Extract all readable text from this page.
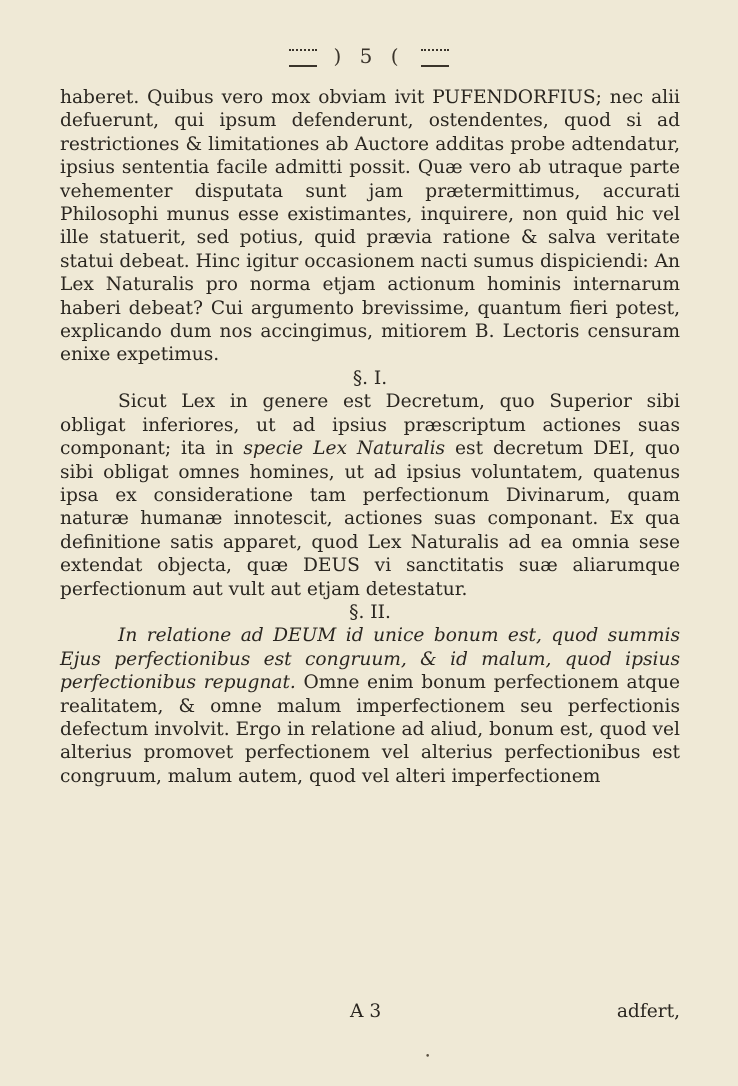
) 5 (

haberet. Quibus vero mox obviam ivit PUFENDORFIUS; nec alii defuerunt, qui ipsum defenderunt, ostendentes, quod si ad restrictiones & limitationes ab Auctore additas probe adtendatur, ipsius sententia facile admitti possit. Quæ vero ab utraque parte vehementer disputata sunt jam prætermittimus, accurati Philosophi munus esse existimantes, inquirere, non quid hic vel ille statuerit, sed potius, quid prævia ratione & salva veritate statui debeat. Hinc igitur occasionem nacti sumus dispiciendi: An Lex Naturalis pro norma etjam actionum hominis internarum haberi debeat? Cui argumento brevissime, quantum fieri potest, explicando dum nos accingimus, mitiorem B. Lectoris censuram enixe expetimus.

§. I.

Sicut Lex in genere est Decretum, quo Superior sibi obligat inferiores, ut ad ipsius præscriptum actiones suas componant; ita in specie Lex Naturalis est decretum DEI, quo sibi obligat omnes homines, ut ad ipsius voluntatem, quatenus ipsa ex consideratione tam perfectionum Divinarum, quam naturæ humanæ innotescit, actiones suas componant. Ex qua definitione satis apparet, quod Lex Naturalis ad ea omnia sese extendat objecta, quæ DEUS vi sanctitatis suæ aliarumque perfectionum aut vult aut etjam detestatur.

§. II.

In relatione ad DEUM id unice bonum est, quod summis Ejus perfectionibus est congruum, & id malum, quod ipsius perfectionibus repugnat. Omne enim bonum perfectionem atque realitatem, & omne malum imperfectionem seu perfectionis defectum involvit. Ergo in relatione ad aliud, bonum est, quod vel alterius promovet perfectionem vel alterius perfectionibus est congruum, malum autem, quod vel alteri imperfectionem

A 3	adfert,
•
